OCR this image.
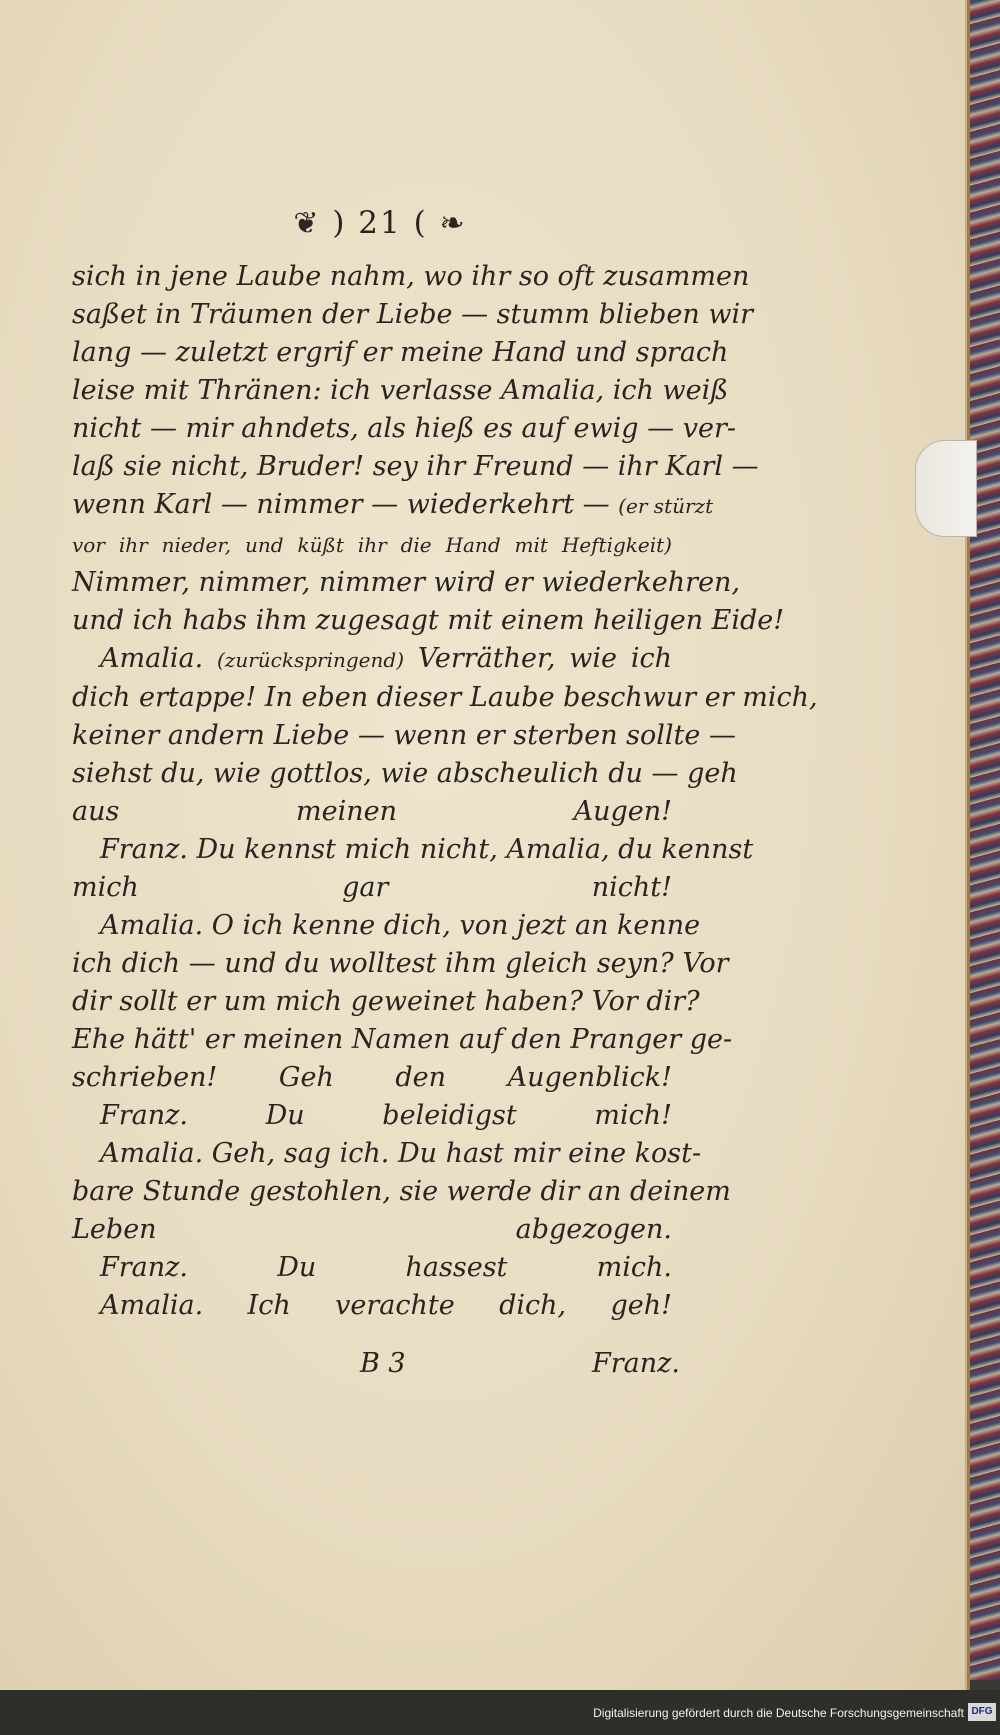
❦ ) 21 ( ❧
sich in jene Laube nahm, wo ihr so oft zusammen
saßet in Träumen der Liebe — stumm blieben wir
lang — zuletzt ergrif er meine Hand und sprach
leise mit Thränen: ich verlasse Amalia, ich weiß
nicht — mir ahndets, als hieß es auf ewig — ver-
laß sie nicht, Bruder! sey ihr Freund — ihr Karl —
wenn Karl — nimmer — wiederkehrt — (er stürzt
vor ihr nieder, und küßt ihr die Hand mit Heftigkeit)
Nimmer, nimmer, nimmer wird er wiederkehren,
und ich habs ihm zugesagt mit einem heiligen Eide!
Amalia. (zurückspringend) Verräther, wie ich
dich ertappe! In eben dieser Laube beschwur er mich,
keiner andern Liebe — wenn er sterben sollte —
siehst du, wie gottlos, wie abscheulich du — geh
aus meinen Augen!
Franz. Du kennst mich nicht, Amalia, du kennst
mich gar nicht!
Amalia. O ich kenne dich, von jezt an kenne
ich dich — und du wolltest ihm gleich seyn? Vor
dir sollt er um mich geweinet haben? Vor dir?
Ehe hätt' er meinen Namen auf den Pranger ge-
schrieben! Geh den Augenblick!
Franz. Du beleidigst mich!
Amalia. Geh, sag ich. Du hast mir eine kost-
bare Stunde gestohlen, sie werde dir an deinem
Leben abgezogen.
Franz. Du hassest mich.
Amalia. Ich verachte dich, geh!
B 3	Franz.
Digitalisierung gefördert durch die Deutsche Forschungsgemeinschaft DFG
